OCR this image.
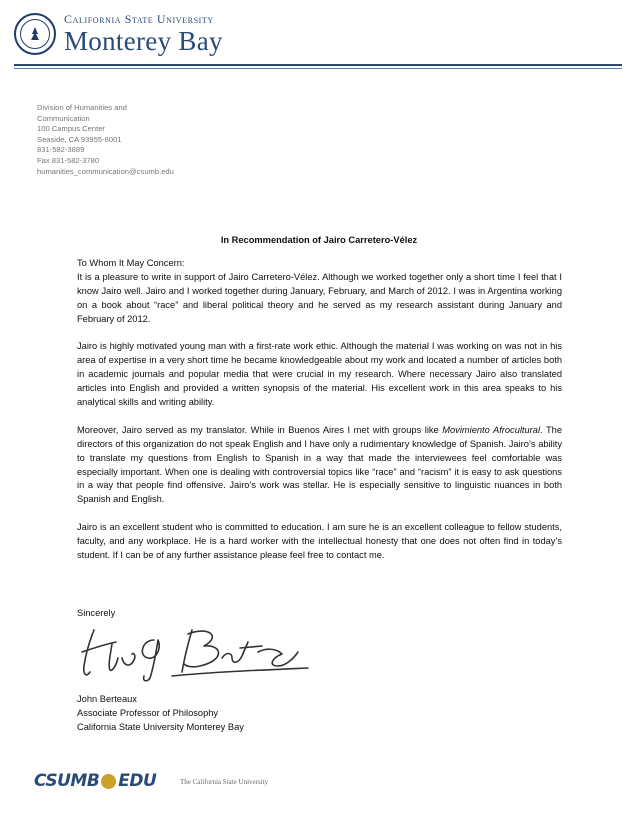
California State University
Monterey Bay
Division of Humanities and
Communication
100 Campus Center
Seaside, CA 93955-8001
831-582-3889
Fax 831-582-3780
humanities_communication@csumb.edu
In Recommendation of Jairo Carretero-Vélez

To Whom It May Concern:

It is a pleasure to write in support of Jairo Carretero-Vélez. Although we worked together only a short time I feel that I know Jairo well. Jairo and I worked together during January, February, and March of 2012. I was in Argentina working on a book about “race” and liberal political theory and he served as my research assistant during January and February of 2012.

Jairo is highly motivated young man with a first-rate work ethic. Although the material I was working on was not in his area of expertise in a very short time he became knowledgeable about my work and located a number of articles both in academic journals and popular media that were crucial in my research. Where necessary Jairo also translated articles into English and provided a written synopsis of the material. His excellent work in this area speaks to his analytical skills and writing ability.

Moreover, Jairo served as my translator. While in Buenos Aires I met with groups like Movimiento Afrocultural. The directors of this organization do not speak English and I have only a rudimentary knowledge of Spanish. Jairo’s ability to translate my questions from English to Spanish in a way that made the interviewees feel comfortable was especially important. When one is dealing with controversial topics like “race” and “racism” it is easy to ask questions in a way that people find offensive. Jairo’s work was stellar. He is especially sensitive to linguistic nuances in both Spanish and English.

Jairo is an excellent student who is committed to education. I am sure he is an excellent colleague to fellow students, faculty, and any workplace. He is a hard worker with the intellectual honesty that one does not often find in today’s student. If I can be of any further assistance please feel free to contact me.

Sincerely
John Berteaux
Associate Professor of Philosophy
California State University Monterey Bay
CSUMB EDU	The California State University
